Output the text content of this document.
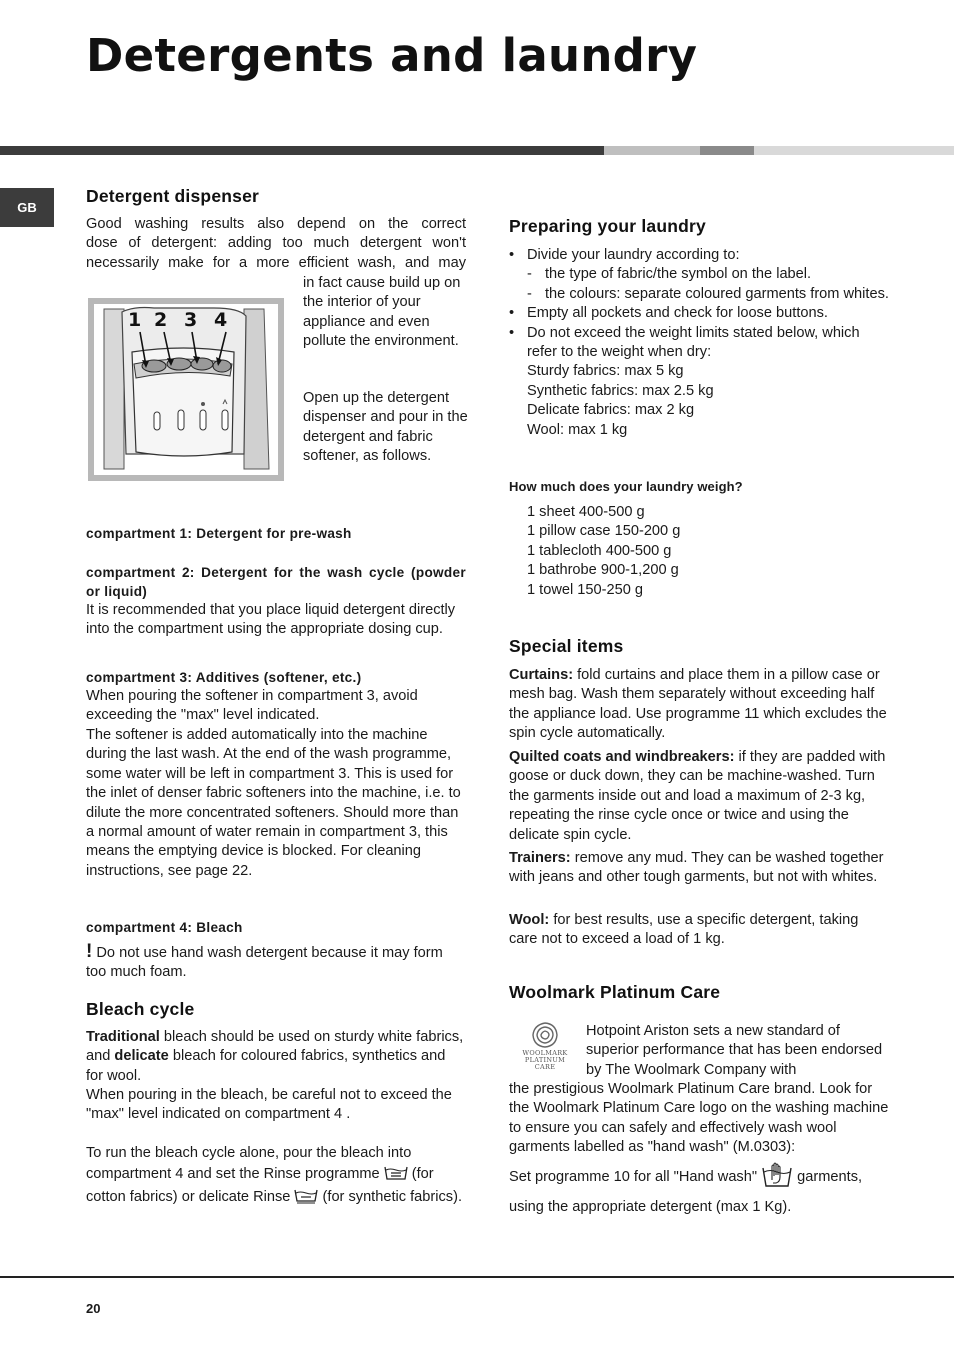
Detergents and laundry
GB
Detergent dispenser

Good washing results also depend on the correct
dose of detergent: adding too much detergent won't
necessarily make for a more efficient wash, and may

1 2 3 4

in fact cause build up on the interior of your appliance and even pollute the environment.

Open up the detergent dispenser and pour in the detergent and fabric softener, as follows.

compartment 1: Detergent for pre-wash

compartment 2: Detergent for the wash cycle (powder or liquid)

It is recommended that you place liquid detergent directly into the compartment using the appropriate dosing cup.

compartment 3: Additives (softener, etc.)

When pouring the softener in compartment 3, avoid exceeding the "max" level indicated.

The softener is added automatically into the machine during the last wash. At the end of the wash programme, some water will be left in compartment 3. This is used for the inlet of denser fabric softeners into the machine, i.e. to dilute the more concentrated softeners. Should more than a normal amount of water remain in compartment 3, this means the emptying device is blocked. For cleaning instructions, see page 22.

compartment 4: Bleach

! Do not use hand wash detergent because it may form too much foam.

Bleach cycle

Traditional bleach should be used on sturdy white fabrics, and delicate bleach for coloured fabrics, synthetics and for wool.

When pouring in the bleach, be careful not to exceed the "max" level indicated on compartment 4 .

To run the bleach cycle alone, pour the bleach into compartment 4 and set the Rinse programme (for cotton fabrics) or delicate Rinse (for synthetic fabrics).

Preparing your laundry
• Divide your laundry according to:
- the type of fabric/the symbol on the label.
- the colours: separate coloured garments from whites.
• Empty all pockets and check for loose buttons.
• Do not exceed the weight limits stated below, which refer to the weight when dry:
Sturdy fabrics: max 5 kg
Synthetic fabrics: max 2.5 kg
Delicate fabrics: max 2 kg
Wool: max 1 kg

How much does your laundry weigh?

1 sheet 400-500 g
1 pillow case 150-200 g
1 tablecloth 400-500 g
1 bathrobe 900-1,200 g
1 towel 150-250 g
Special items

Curtains: fold curtains and place them in a pillow case or mesh bag. Wash them separately without exceeding half the appliance load. Use programme 11 which excludes the spin cycle automatically.

Quilted coats and windbreakers: if they are padded with goose or duck down, they can be machine-washed. Turn the garments inside out and load a maximum of 2-3 kg, repeating the rinse cycle once or twice and using the delicate spin cycle.

Trainers: remove any mud. They can be washed together with jeans and other tough garments, but not with whites.

Wool: for best results, use a specific detergent, taking care not to exceed a load of 1 kg.

Woolmark Platinum Care
WOOLMARK
PLATINUM
CARE

Hotpoint Ariston sets a new standard of superior performance that has been endorsed by The Woolmark Company with

the prestigious Woolmark Platinum Care brand. Look for the Woolmark Platinum Care logo on the washing machine to ensure you can safely and effectively wash wool garments labelled as "hand wash" (M.0303):

Set programme 10 for all "Hand wash"	garments,
using the appropriate detergent (max 1 Kg).

20
